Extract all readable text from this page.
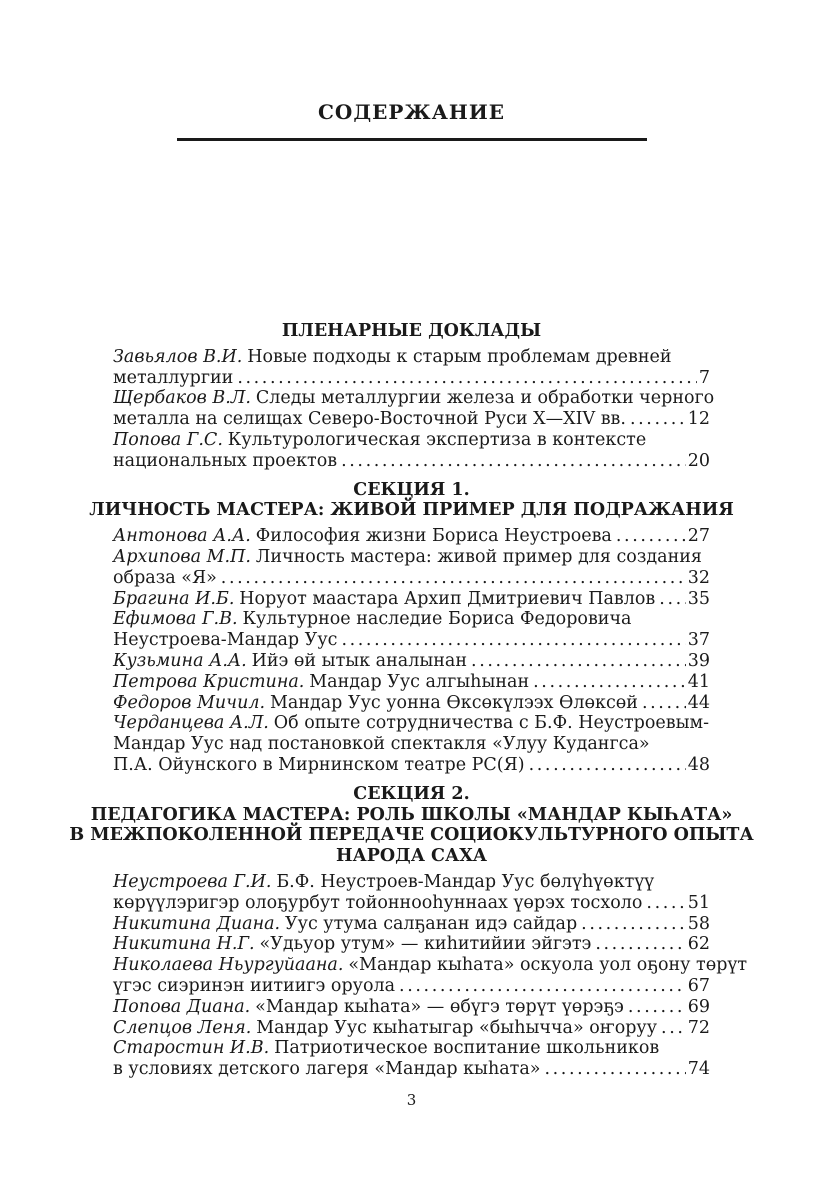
СОДЕРЖАНИЕ
ПЛЕНАРНЫЕ ДОКЛАДЫ
Завьялов В.И. Новые подходы к старым проблемам древней
металлургии .....	7
Щербаков В.Л. Следы металлургии железа и обработки черного
металла на селищах Северо-Восточной Руси X—XIV вв. .....	12
Попова Г.С. Культурологическая экспертиза в контексте
национальных проектов .....	20
СЕКЦИЯ 1.
ЛИЧНОСТЬ МАСТЕРА: ЖИВОЙ ПРИМЕР ДЛЯ ПОДРАЖАНИЯ
Антонова А.А. Философия жизни Бориса Неустроева .....	27
Архипова М.П. Личность мастера: живой пример для создания
образа «Я» .....	32
Брагина И.Б. Норуот маастара Архип Дмитриевич Павлов ..... 35
Ефимова Г.В. Культурное наследие Бориса Федоровича
Неустроева-Мандар Уус .....	37
Кузьмина А.А. Ийэ өй ытык аналынан .....	39
Петрова Кристина. Мандар Уус алгыһынан .....	41
Федоров Мичил. Мандар Уус уонна Өксөкүлээх Өлөксөй .....	44
Черданцева А.Л. Об опыте сотрудничества с Б.Ф. Неустроевым-
Мандар Уус над постановкой спектакля «Улуу Кудангса»
П.А. Ойунского в Мирнинском театре РС(Я) .....	48
СЕКЦИЯ 2.
ПЕДАГОГИКА МАСТЕРА: РОЛЬ ШКОЛЫ «МАНДАР КЫҺАТА»
В МЕЖПОКОЛЕННОЙ ПЕРЕДАЧЕ СОЦИОКУЛЬТУРНОГО ОПЫТА
НАРОДА САХА
Неустроева Г.И. Б.Ф. Неустроев-Мандар Уус бөлүһүөктүү
көрүүлэригэр олоҕурбут тойоннооһуннаах үөрэх тосхоло .....	51
Никитина Диана. Уус утума салҕанан идэ сайдар .....	58
Никитина Н.Г. «Удьуор утум» — киһитийии эйгэтэ .....	62
Николаева Ньургуйаана. «Мандар кыһата» оскуола уол оҕону төрүт
үгэс сиэринэн иитиигэ оруола .....	67
Попова Диана. «Мандар кыһата» — өбүгэ төрүт үөрэҕэ .....	69
Слепцов Леня. Мандар Уус кыһатыгар «быһычча» оҥоруу ..... 72
Старостин И.В. Патриотическое воспитание школьников
в условиях детского лагеря «Мандар кыһата» .....	74
3
